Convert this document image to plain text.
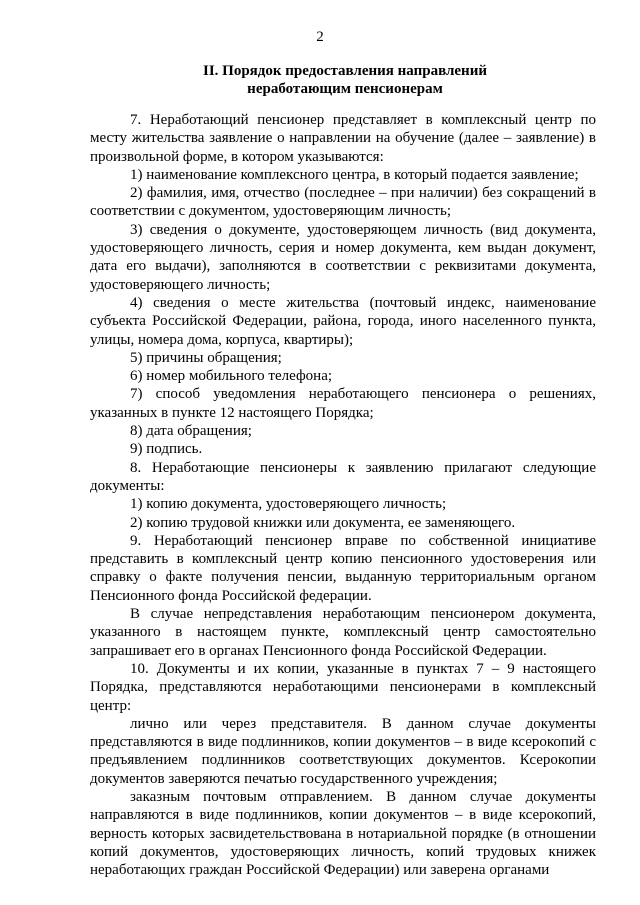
2
II. Порядок предоставления направлений
неработающим пенсионерам

7. Неработающий пенсионер представляет в комплексный центр по месту жительства заявление о направлении на обучение (далее – заявление) в произвольной форме, в котором указываются:

1) наименование комплексного центра, в который подается заявление;

2) фамилия, имя, отчество (последнее – при наличии) без сокращений в соответствии с документом, удостоверяющим личность;

3) сведения о документе, удостоверяющем личность (вид документа, удостоверяющего личность, серия и номер документа, кем выдан документ, дата его выдачи), заполняются в соответствии с реквизитами документа, удостоверяющего личность;

4) сведения о месте жительства (почтовый индекс, наименование субъекта Российской Федерации, района, города, иного населенного пункта, улицы, номера дома, корпуса, квартиры);

5) причины обращения;

6) номер мобильного телефона;

7) способ уведомления неработающего пенсионера о решениях, указанных в пункте 12 настоящего Порядка;

8) дата обращения;

9) подпись.

8. Неработающие пенсионеры к заявлению прилагают следующие документы:

1) копию документа, удостоверяющего личность;

2) копию трудовой книжки или документа, ее заменяющего.

9. Неработающий пенсионер вправе по собственной инициативе представить в комплексный центр копию пенсионного удостоверения или справку о факте получения пенсии, выданную территориальным органом Пенсионного фонда Российской федерации.

В случае непредставления неработающим пенсионером документа, указанного в настоящем пункте, комплексный центр самостоятельно запрашивает его в органах Пенсионного фонда Российской Федерации.

10. Документы и их копии, указанные в пунктах 7 – 9 настоящего Порядка, представляются неработающими пенсионерами в комплексный центр:

лично или через представителя. В данном случае документы представляются в виде подлинников, копии документов – в виде ксерокопий с предъявлением подлинников соответствующих документов. Ксерокопии документов заверяются печатью государственного учреждения;

заказным почтовым отправлением. В данном случае документы направляются в виде подлинников, копии документов – в виде ксерокопий, верность которых засвидетельствована в нотариальной порядке (в отношении копий документов, удостоверяющих личность, копий трудовых книжек неработающих граждан Российской Федерации) или заверена органами
